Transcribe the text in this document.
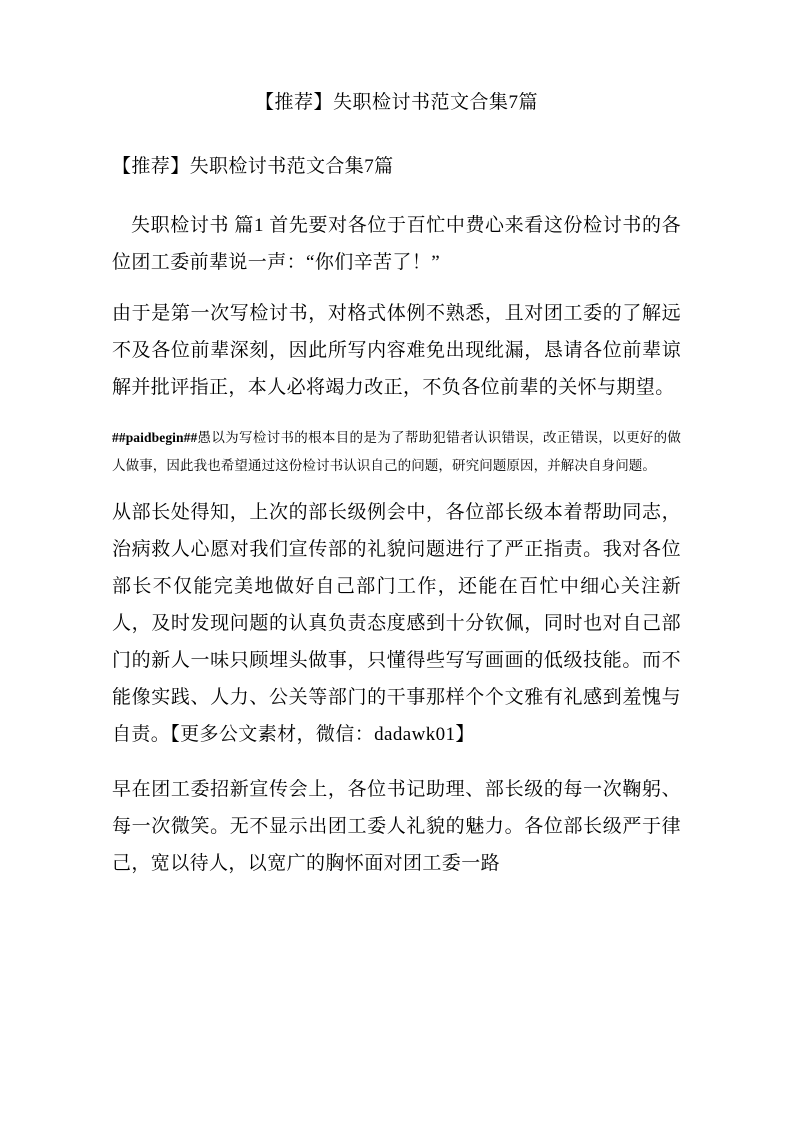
【推荐】失职检讨书范文合集7篇

【推荐】失职检讨书范文合集7篇

失职检讨书 篇1 首先要对各位于百忙中费心来看这份检讨书的各位团工委前辈说一声：“你们辛苦了！”

由于是第一次写检讨书，对格式体例不熟悉，且对团工委的了解远不及各位前辈深刻，因此所写内容难免出现纰漏，恳请各位前辈谅解并批评指正，本人必将竭力改正，不负各位前辈的关怀与期望。

##paidbegin##愚以为写检讨书的根本目的是为了帮助犯错者认识错误，改正错误，以更好的做人做事，因此我也希望通过这份检讨书认识自己的问题，研究问题原因，并解决自身问题。

从部长处得知，上次的部长级例会中，各位部长级本着帮助同志，治病救人心愿对我们宣传部的礼貌问题进行了严正指责。我对各位部长不仅能完美地做好自己部门工作，还能在百忙中细心关注新人，及时发现问题的认真负责态度感到十分钦佩，同时也对自己部门的新人一味只顾埋头做事，只懂得些写写画画的低级技能。而不能像实践、人力、公关等部门的干事那样个个文雅有礼感到羞愧与自责。【更多公文素材，微信：dadawk01】

早在团工委招新宣传会上，各位书记助理、部长级的每一次鞠躬、每一次微笑。无不显示出团工委人礼貌的魅力。各位部长级严于律己，宽以待人，以宽广的胸怀面对团工委一路
